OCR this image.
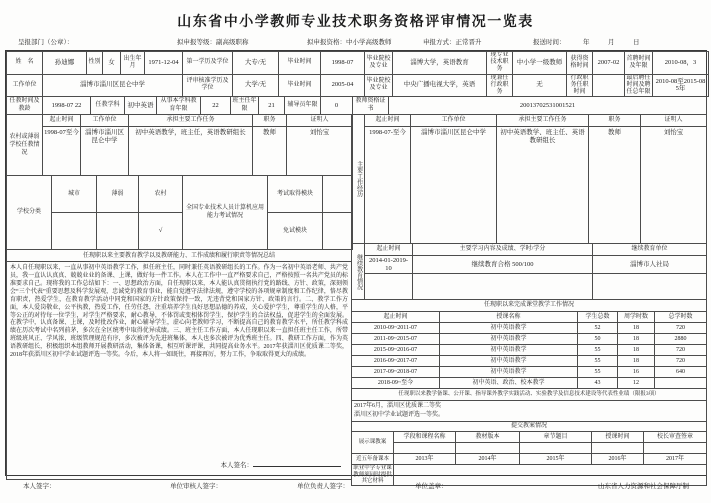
山东省中小学教师专业技术职务资格评审情况一览表
呈报部门（公章）：	拟申报等级：副高级职称	拟申报资格：中小学高级教师	申报方式：正常晋升	报送时间：	年　月　日
姓　名	孙迪娜	性别	女	出生年月	1971-12-04	第一学历及学位	大专/无	毕业时间	1998-07	毕业院校及专业	淄博大学，英语教育	现专业技术职务	中小学一级教师	获得资格时间	2007-02	首聘时间及年限	2010-08，3
工作单位	淄博市淄川区昆仑中学	评审核准学历及学位	大学/无	毕业时间	2005-04	毕业院校及专业	中央广播电视大学，英语	现兼任行政职务	无	行政职务任职时间		最后聘任时间及聘任总年限	2010-08至2015-08 5年
任教时间及教龄	1998-07 22	任教学科	初中英语	从事本学科教育年限	22	班主任年限	21	辅导员年限	0	教师资格证书	20013702531001521
农村或薄弱学校任教情况	起止时间	工作单位	承担主要工作任务	职务	证明人
	1998-07至今	淄博市淄川区昆仑中学	初中英语教学，班主任，英语教研组长	教师	刘怡宝
学校分类	城市	薄弱	农村	全国专业技术人员计算机应用能力考试情况	考试取得模块	
			√		免试模块	
任现职以来主要教育教学以及教研能力、工作成绩和履行职责等情况总结
本人自任现职以来，一直从事初中英语教学工作，担任班主任，同时兼任英语教研组长的工作。作为一名初中英语老师、共产党员，我一直认认真真、兢兢业业的备课、上课，做好每一件工作。本人在工作中一直严格要求自己，严格按照一名共产党员的标准要求自己。现将我的工作总结如下：一、思想政治方面，自任现职以来，本人能认真贯彻执行党的路线、方针、政策，深刻领会“三个代表”重要思想及科学发展观，忠诚党的教育事业，能自觉遵守法律法规，遵守学校的各项规章制度和工作纪律，恪尽教育职责，热爱学生，在教育教学活动中同党和国家的方针政策保持一致，无违背党和国家方针、政策的言行。二、教学工作方面，本人爱岗敬业，公平执教，热爱工作，任劳任怨，注重培养学生良好思想品德的养成，关心爱护学生，尊重学生的人格，平等公正的对待每一位学生，对学生严格要求，耐心教导，不体罚或变相体罚学生，保护学生的合法权益，促进学生的全面发展。在教学中，认真备课、上课，及时批改作业，耐心辅导学生，虚心向老教师学习，不断提高自己的教育教学水平，所任教学科成绩在历次考试中名列前茅，多次在全区统考中取得优异成绩。三、班主任工作方面，本人任现职以来一直担任班主任工作，所带班级班风正、学风浓，班级管理规范有序，多次被评为先进班集体，本人也多次被评为优秀班主任。四、教研工作方面，作为英语教研组长，积极组织本组教师开展教研活动，集体备课，相互听课评课，共同提高业务水平。2017年获淄川区优质课二等奖，2018年获淄川区初中学业试题评选一等奖。今后，本人将一如既往，再接再厉，努力工作，争取取得更大的成绩。
本人签名：
主要工作经历	起止时间	工作单位	承担主要工作任务	职务	证明人
	1998-07-至今	淄博市淄川区昆仑中学	初中英语教学、班主任、英语教研组长	教师	刘怡宝
继续教育情况	起止时间	主要学习内容及成绩、学时/学分	继续教育单位
	2014-01-2019-10	继续教育合格 500/100	淄博市人社局

任现职以来完成课堂教学工作情况				
起止时间	授课名称	学生总数	周学时数	总学时数
2010-09~2011-07	初中英语教学	52	18	720
2011-09~2015-07	初中英语教学	50	18	2880
2015-09~2016-07	初中英语教学	55	18	720
2016-09~2017-07	初中英语教学	55	18	720
2017-09~2018-07	初中英语教学	55	16	640
2018-09~至今	初中英语、政治、校本教学	43	12	
任现职以来教学备课、公开课、指导课外教学实践活动、实验教学及信息技术建设等代表性业绩（限报3项）

2017年6月，淄川区优质课二等奖
淄川区初中学业试题评选一等奖。
提交教案情况					
展示课教案	学段和课程名称	教材版本	章节题目	授课时间	校长审查签章

近五年备课本	2013年	2014年	2015年	2016年	2017年
职业中学专业课教师须同时提供其它材料					
本人签字：	单位审核人签字：	单位负责人签字：	单位盖章：	山东省人力资源和社会保障厅制
